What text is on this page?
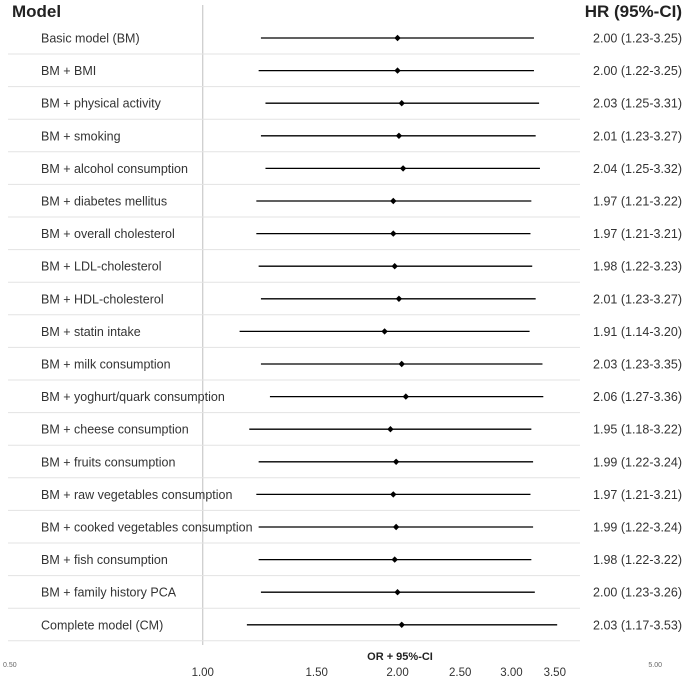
Basic model (BM)	2.00 (1.23-3.25)
BM + BMI	2.00 (1.22-3.25)
BM + physical activity	2.03 (1.25-3.31)
BM + smoking	2.01 (1.23-3.27)
BM + alcohol consumption	2.04 (1.25-3.32)
BM + diabetes mellitus	1.97 (1.21-3.22)
BM + overall cholesterol	1.97 (1.21-3.21)
BM + LDL-cholesterol	1.98 (1.22-3.23)
BM + HDL-cholesterol	2.01 (1.23-3.27)
BM + statin intake	1.91 (1.14-3.20)
BM + milk consumption	2.03 (1.23-3.35)
BM + yoghurt/quark consumption	2.06 (1.27-3.36)
BM + cheese consumption	1.95 (1.18-3.22)
BM + fruits consumption	1.99 (1.22-3.24)
BM + raw vegetables consumption	1.97 (1.21-3.21)
BM + cooked vegetables consumption	1.99 (1.22-3.24)
BM + fish consumption	1.98 (1.22-3.22)
BM + family history PCA	2.00 (1.23-3.26)
Complete model (CM)	2.03 (1.17-3.53)
Model	HR (95%-CI)
0.50
1.00	1.50	2.00	2.50	3.00 3.50
5.00
OR + 95%-CI
